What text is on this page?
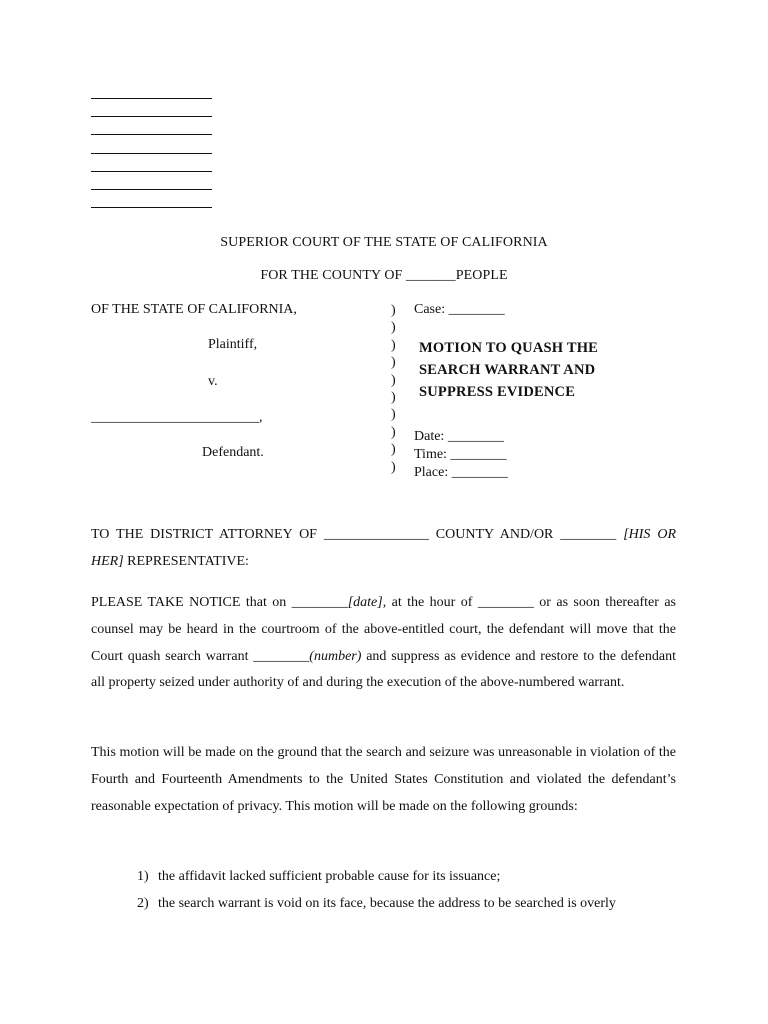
SUPERIOR COURT OF THE STATE OF CALIFORNIA
FOR THE COUNTY OF _______PEOPLE
OF THE STATE OF CALIFORNIA,
Plaintiff,
v.
________________________,
Defendant.
)
)
)
)
)
)
)
)
)
)
Case: ________
MOTION TO QUASH THE
SEARCH WARRANT AND
SUPPRESS EVIDENCE
Date: ________
Time: ________
Place: ________
TO THE DISTRICT ATTORNEY OF _______________ COUNTY AND/OR ________ [HIS OR HER] REPRESENTATIVE:
PLEASE TAKE NOTICE that on ________[date], at the hour of ________ or as soon thereafter as counsel may be heard in the courtroom of the above-entitled court, the defendant will move that the Court quash search warrant ________(number) and suppress as evidence and restore to the defendant all property seized under authority of and during the execution of the above-numbered warrant.
This motion will be made on the ground that the search and seizure was unreasonable in violation of the Fourth and Fourteenth Amendments to the United States Constitution and violated the defendant’s reasonable expectation of privacy. This motion will be made on the following grounds:
1) the affidavit lacked sufficient probable cause for its issuance;
2) the search warrant is void on its face, because the address to be searched is overly
